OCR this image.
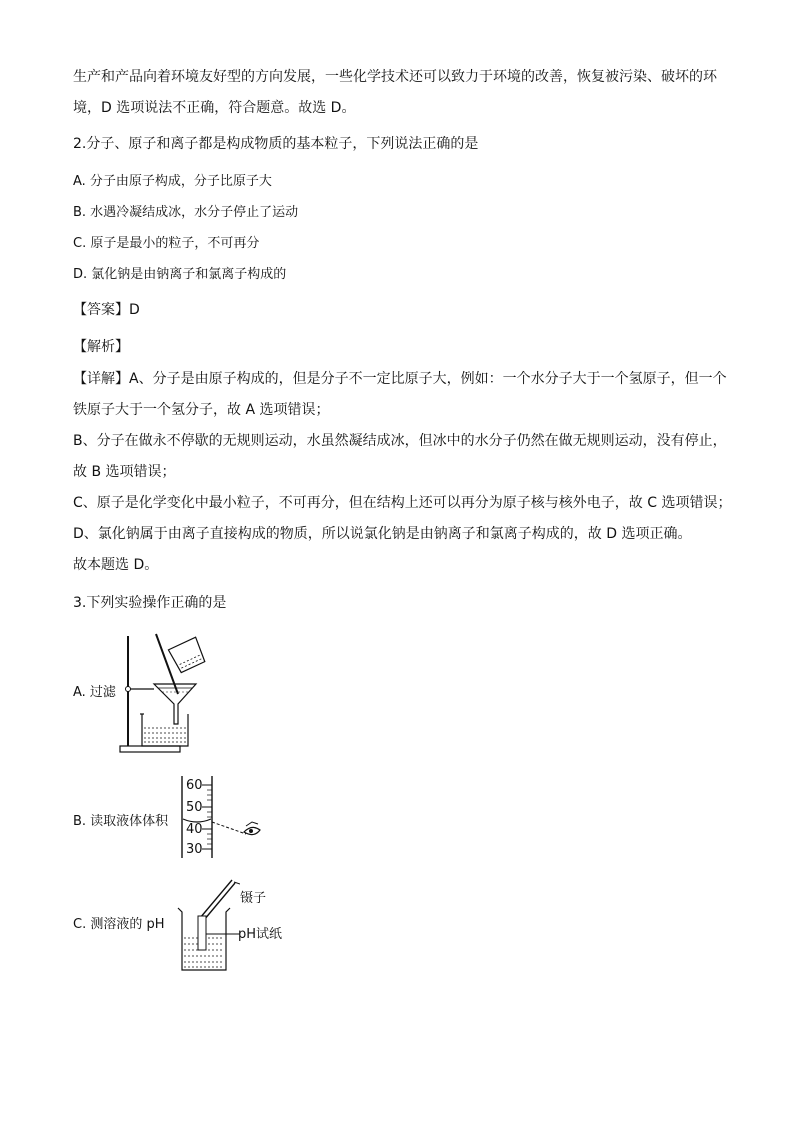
生产和产品向着环境友好型的方向发展，一些化学技术还可以致力于环境的改善，恢复被污染、破坏的环
境，D 选项说法不正确，符合题意。故选 D。
2.分子、原子和离子都是构成物质的基本粒子，下列说法正确的是
A. 分子由原子构成，分子比原子大
B. 水遇冷凝结成冰，水分子停止了运动
C. 原子是最小的粒子，不可再分
D. 氯化钠是由钠离子和氯离子构成的
【答案】D
【解析】
【详解】A、分子是由原子构成的，但是分子不一定比原子大，例如：一个水分子大于一个氢原子，但一个
铁原子大于一个氢分子，故 A 选项错误；
B、分子在做永不停歇的无规则运动，水虽然凝结成冰，但冰中的水分子仍然在做无规则运动，没有停止，
故 B 选项错误；
C、原子是化学变化中最小粒子，不可再分，但在结构上还可以再分为原子核与核外电子，故 C 选项错误；
D、氯化钠属于由离子直接构成的物质，所以说氯化钠是由钠离子和氯离子构成的，故 D 选项正确。
故本题选 D。
3.下列实验操作正确的是
A. 过滤
B. 读取液体体积
60
50
40
30
C. 测溶液的 pH
镊子
pH试纸
